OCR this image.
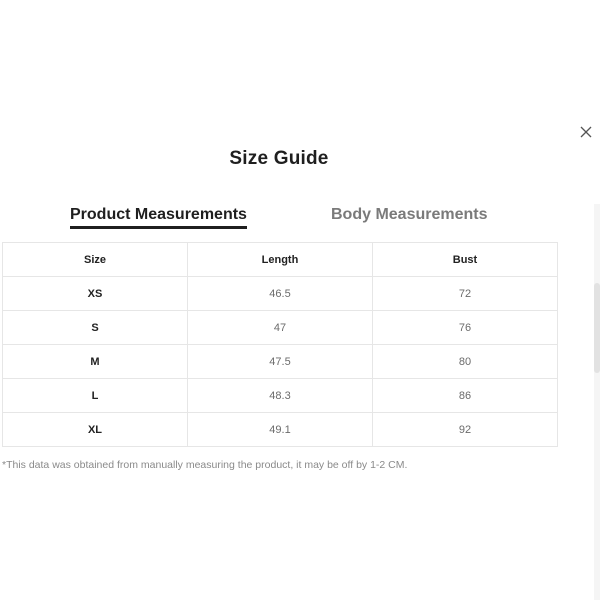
Size Guide
Product Measurements	Body Measurements
Size	Length	Bust
XS	46.5	72
S	47	76
M	47.5	80
L	48.3	86
XL	49.1	92
*This data was obtained from manually measuring the product, it may be off by 1-2 CM.
